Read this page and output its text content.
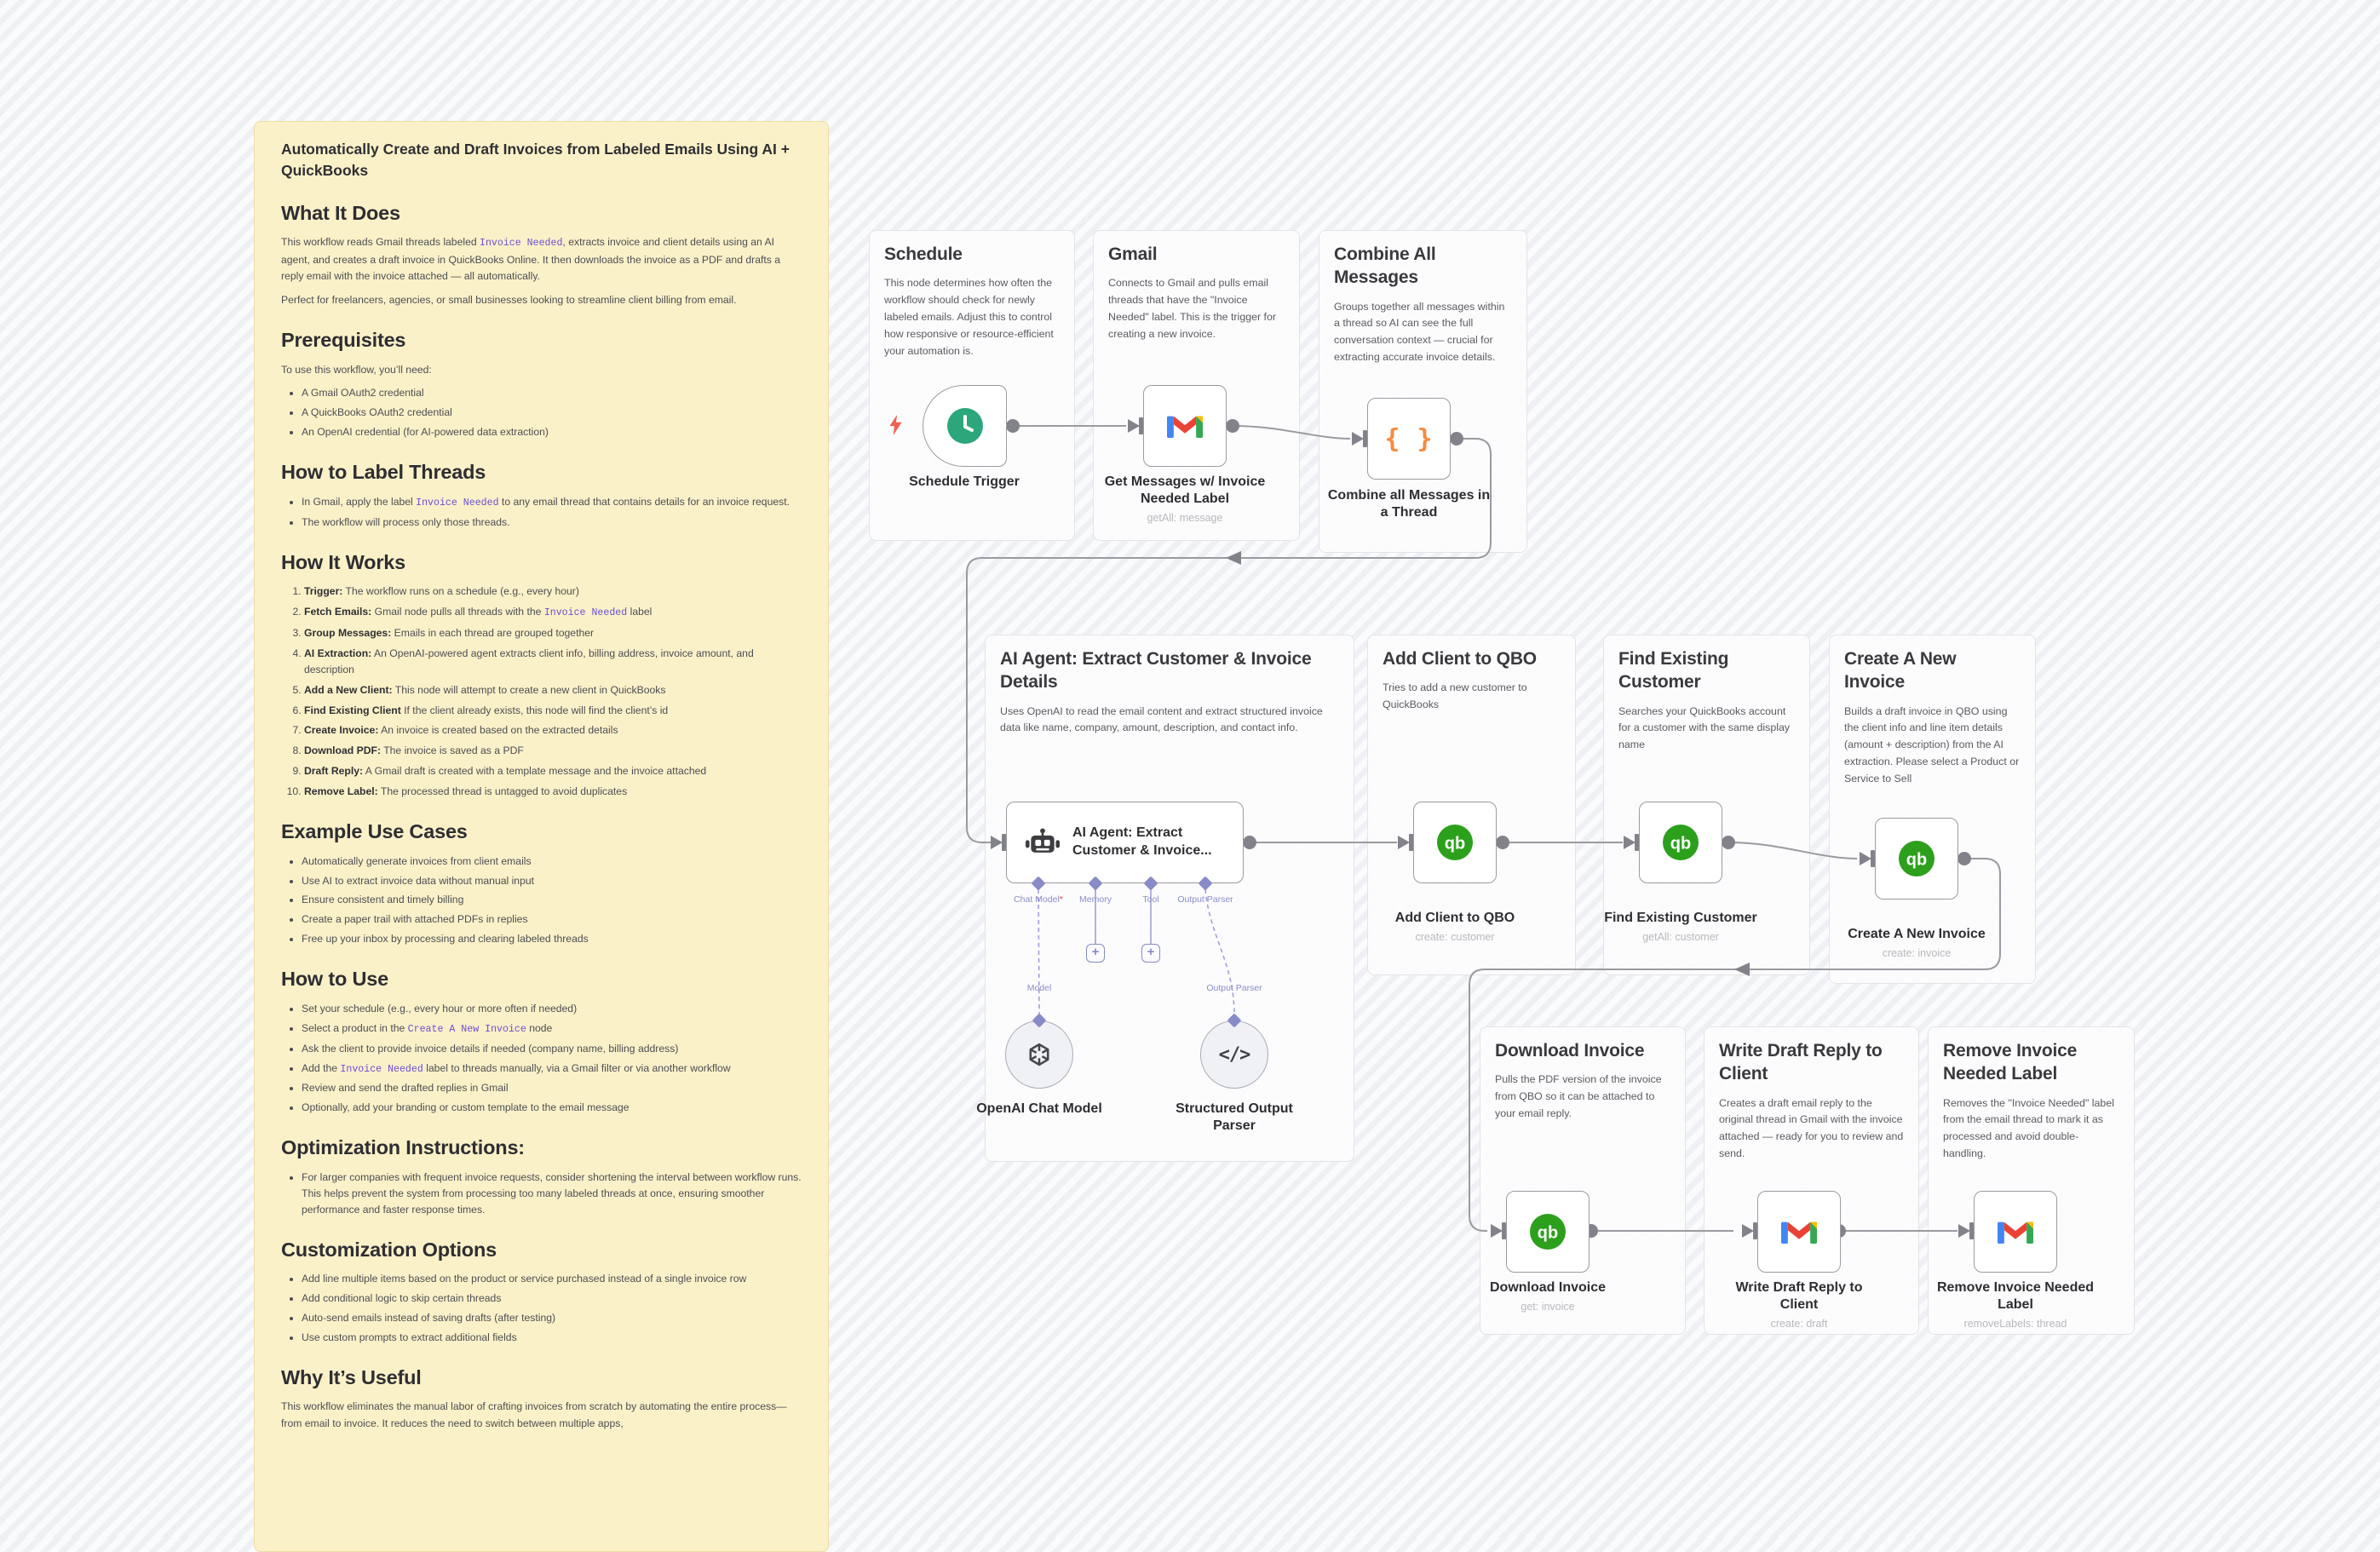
Automatically Create and Draft Invoices from Labeled Emails Using AI + QuickBooks
What It Does

This workflow reads Gmail threads labeled Invoice Needed, extracts invoice and client details using an AI agent, and creates a draft invoice in QuickBooks Online. It then downloads the invoice as a PDF and drafts a reply email with the invoice attached — all automatically.

Perfect for freelancers, agencies, or small businesses looking to streamline client billing from email.

Prerequisites

To use this workflow, you’ll need:

• A Gmail OAuth2 credential
• A QuickBooks OAuth2 credential
• An OpenAI credential (for AI-powered data extraction)
How to Label Threads
• In Gmail, apply the label Invoice Needed to any email thread that contains details for an invoice request.
• The workflow will process only those threads.
How It Works
1. Trigger: The workflow runs on a schedule (e.g., every hour)
2. Fetch Emails: Gmail node pulls all threads with the Invoice Needed label
3. Group Messages: Emails in each thread are grouped together
4. AI Extraction: An OpenAI-powered agent extracts client info, billing address, invoice amount, and description
5. Add a New Client: This node will attempt to create a new client in QuickBooks
6. Find Existing Client If the client already exists, this node will find the client’s id
7. Create Invoice: An invoice is created based on the extracted details
8. Download PDF: The invoice is saved as a PDF
9. Draft Reply: A Gmail draft is created with a template message and the invoice attached
10. Remove Label: The processed thread is untagged to avoid duplicates
Example Use Cases
• Automatically generate invoices from client emails
• Use AI to extract invoice data without manual input
• Ensure consistent and timely billing
• Create a paper trail with attached PDFs in replies
• Free up your inbox by processing and clearing labeled threads
How to Use
• Set your schedule (e.g., every hour or more often if needed)
• Select a product in the Create A New Invoice node
• Ask the client to provide invoice details if needed (company name, billing address)
• Add the Invoice Needed label to threads manually, via a Gmail filter or via another workflow
• Review and send the drafted replies in Gmail
• Optionally, add your branding or custom template to the email message
Optimization Instructions:
• For larger companies with frequent invoice requests, consider shortening the interval between workflow runs. This helps prevent the system from processing too many labeled threads at once, ensuring smoother performance and faster response times.
Customization Options
• Add line multiple items based on the product or service purchased instead of a single invoice row
• Add conditional logic to skip certain threads
• Auto-send emails instead of saving drafts (after testing)
• Use custom prompts to extract additional fields
Why It’s Useful

This workflow eliminates the manual labor of crafting invoices from scratch by automating the entire process—from email to invoice. It reduces the need to switch between multiple apps,

Schedule

This node determines how often the workflow should check for newly labeled emails. Adjust this to control how responsive or resource-efficient your automation is.

Gmail

Connects to Gmail and pulls email threads that have the "Invoice Needed" label. This is the trigger for creating a new invoice.

Combine All Messages

Groups together all messages within a thread so AI can see the full conversation context — crucial for extracting accurate invoice details.

AI Agent: Extract Customer & Invoice Details

Uses OpenAI to read the email content and extract structured invoice data like name, company, amount, description, and contact info.

Add Client to QBO

Tries to add a new customer to QuickBooks

Find Existing Customer

Searches your QuickBooks account for a customer with the same display name

Create A New Invoice

Builds a draft invoice in QBO using the client info and line item details (amount + description) from the AI extraction. Please select a Product or Service to Sell

Download Invoice

Pulls the PDF version of the invoice from QBO so it can be attached to your email reply.

Write Draft Reply to Client

Creates a draft email reply to the original thread in Gmail with the invoice attached — ready for you to review and send.

Remove Invoice Needed Label

Removes the "Invoice Needed" label from the email thread to mark it as processed and avoid double-handling.

Schedule Trigger	Get Messages w/ Invoice
Needed Label
getAll: message
{ }
Combine all Messages in
a Thread
AI Agent: Extract
Customer & Invoice...
Chat Model* Memory	Tool Output Parser
+	+
Model
OpenAI Chat Model
Output Parser
</>
Structured Output
Parser
qb
Add Client to QBO
create: customer
qb
Find Existing Customer
getAll: customer
qb
Create A New Invoice
create: invoice
qb
Download Invoice
get: invoice
Write Draft Reply to
Client
create: draft
Remove Invoice Needed
Label
removeLabels: thread
